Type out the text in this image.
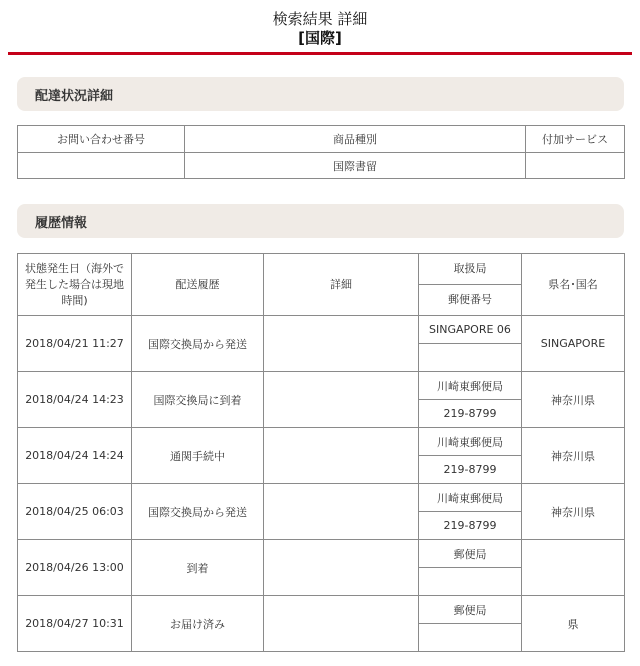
検索結果 詳細
[国際]
配達状況詳細
お問い合わせ番号	商品種別	付加サービス
	国際書留	
履歴情報
状態発生日（海外で発生した場合は現地時間)	配送履歴	詳細	取扱局	県名･国名
			郵便番号	
2018/04/21 11:27	国際交換局から発送		SINGAPORE 06	SINGAPORE

2018/04/24 14:23	国際交換局に到着		川崎東郵便局	神奈川県
			219-8799	
2018/04/24 14:24	通関手続中		川崎東郵便局	神奈川県
			219-8799	
2018/04/25 06:03	国際交換局から発送		川崎東郵便局	神奈川県
			219-8799	
2018/04/26 13:00	到着		郵便局	

2018/04/27 10:31	お届け済み		郵便局	県
